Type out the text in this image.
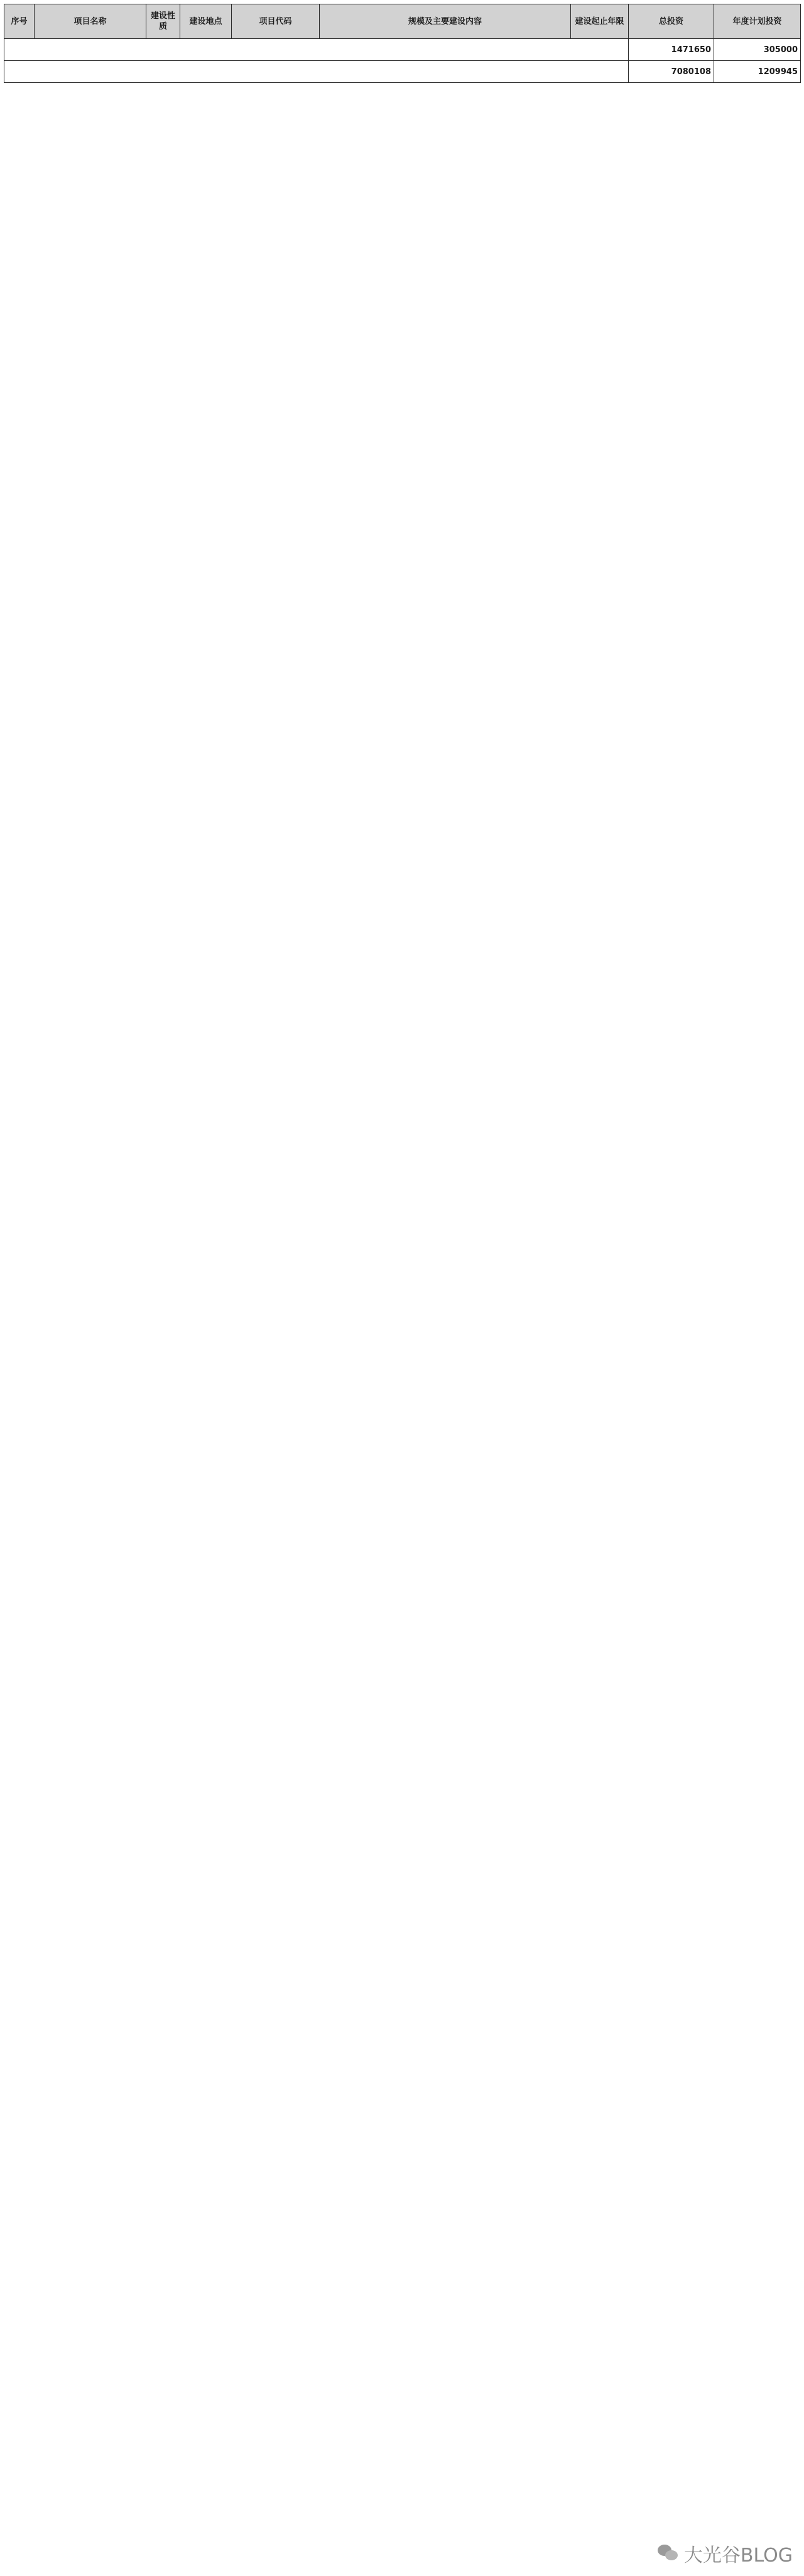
序号	项目名称	建设性质	建设地点	项目代码	规模及主要建设内容	建设起止年限	总投资	年度计划投资
							1471650	305000
							7080108	1209945
大光谷BLOG
